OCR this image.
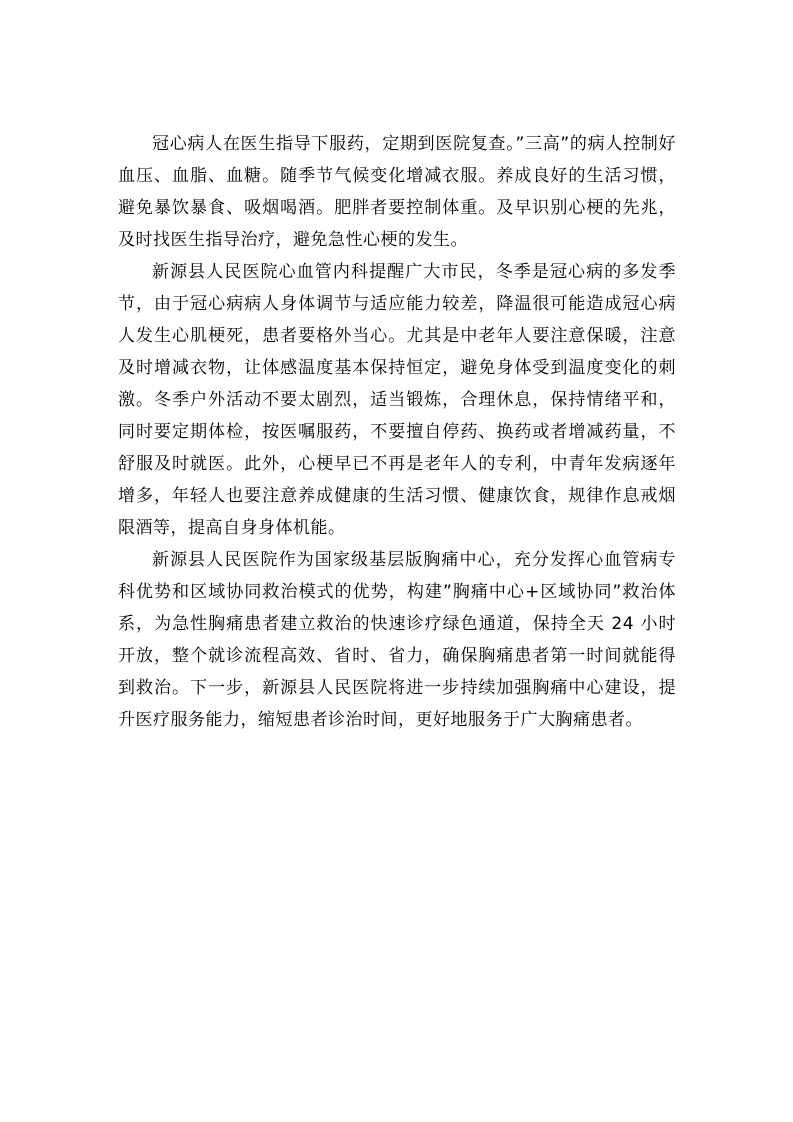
冠心病人在医生指导下服药，定期到医院复查。”三高”的病人控制好血压、血脂、血糖。随季节气候变化增减衣服。养成良好的生活习惯，避免暴饮暴食、吸烟喝酒。肥胖者要控制体重。及早识别心梗的先兆，及时找医生指导治疗，避免急性心梗的发生。

新源县人民医院心血管内科提醒广大市民，冬季是冠心病的多发季节，由于冠心病病人身体调节与适应能力较差，降温很可能造成冠心病人发生心肌梗死，患者要格外当心。尤其是中老年人要注意保暖，注意及时增减衣物，让体感温度基本保持恒定，避免身体受到温度变化的刺激。冬季户外活动不要太剧烈，适当锻炼，合理休息，保持情绪平和，同时要定期体检，按医嘱服药，不要擅自停药、换药或者增减药量，不舒服及时就医。此外，心梗早已不再是老年人的专利，中青年发病逐年增多，年轻人也要注意养成健康的生活习惯、健康饮食，规律作息戒烟限酒等，提高自身身体机能。

新源县人民医院作为国家级基层版胸痛中心，充分发挥心血管病专科优势和区域协同救治模式的优势，构建”胸痛中心+区域协同”救治体系，为急性胸痛患者建立救治的快速诊疗绿色通道，保持全天 24 小时开放，整个就诊流程高效、省时、省力，确保胸痛患者第一时间就能得到救治。下一步，新源县人民医院将进一步持续加强胸痛中心建设，提升医疗服务能力，缩短患者诊治时间，更好地服务于广大胸痛患者。
